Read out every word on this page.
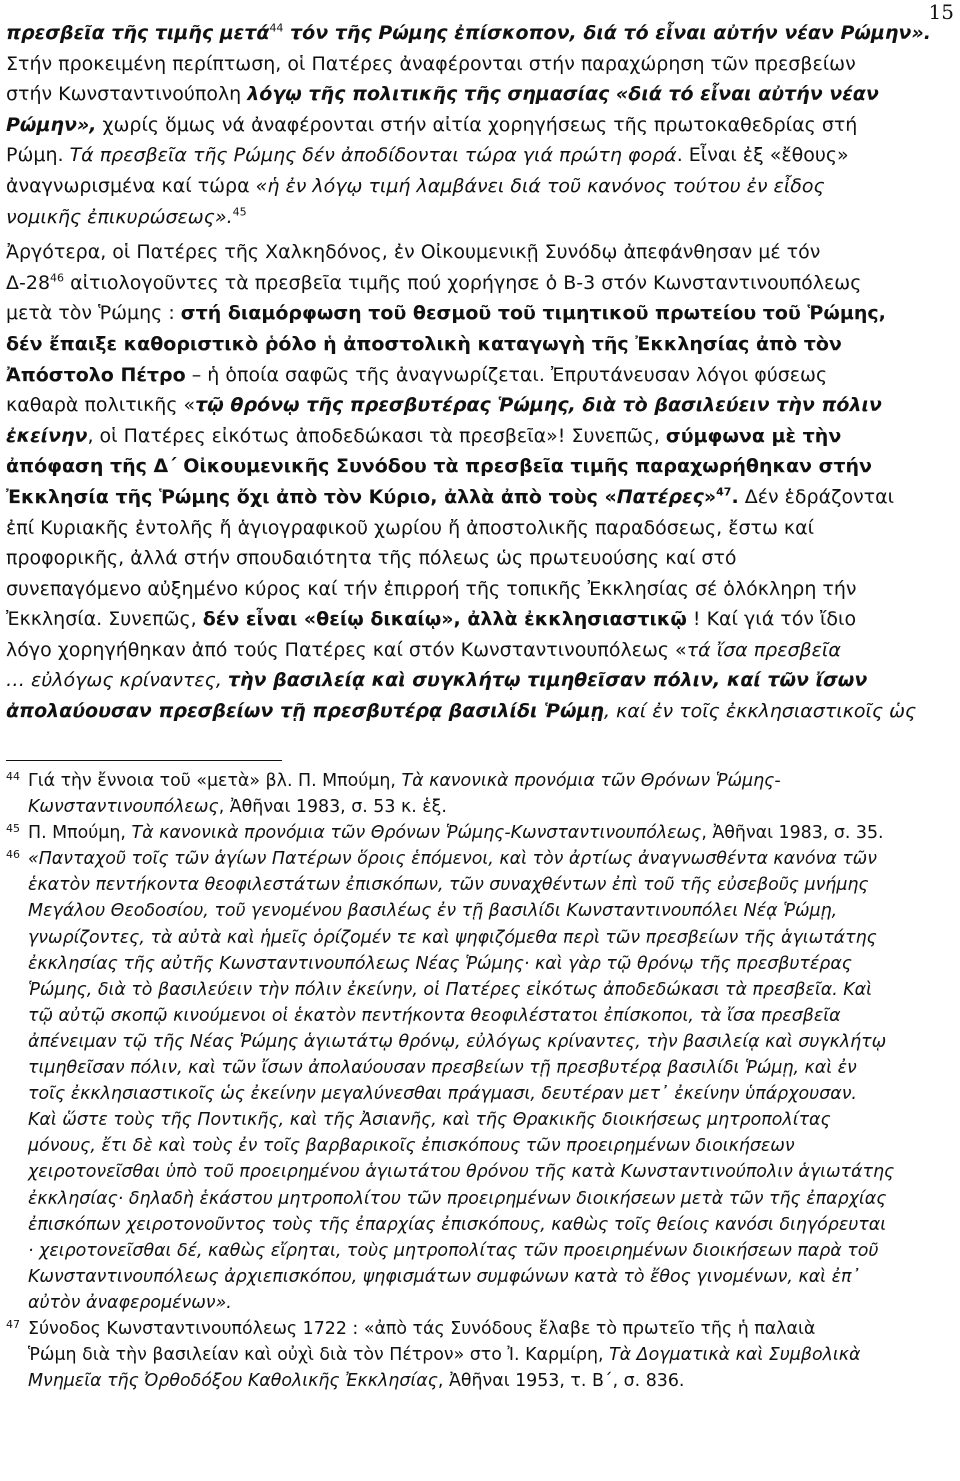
15
πρεσβεῖα τῆς τιμῆς μετά$^{44}$ τόν τῆς Ρώμης ἐπίσκοπον, διά τό εἶναι αὐτήν νέαν Ρώμην».
Στήν προκειμένη περίπτωση, οἱ Πατέρες ἀναφέρονται στήν παραχώρηση τῶν πρεσβείων
στήν Κωνσταντινούπολη λόγῳ τῆς πολιτικῆς τῆς σημασίας «διά τό εἶναι αὐτήν νέαν
Ρώμην», χωρίς ὅμως νά ἀναφέρονται στήν αἰτία χορηγήσεως τῆς πρωτοκαθεδρίας στή
Ρώμη. Τά πρεσβεῖα τῆς Ρώμης δέν ἀποδίδονται τώρα γιά πρώτη φορά. Εἶναι ἐξ «ἔθους»
ἀναγνωρισμένα καί τώρα «ἡ ἐν λόγῳ τιμή λαμβάνει διά τοῦ κανόνος τούτου ἐν εἶδος
νομικῆς ἐπικυρώσεως».$^{45}$
Ἀργότερα, οἱ Πατέρες τῆς Χαλκηδόνος, ἐν Οἰκουμενικῇ Συνόδῳ ἀπεφάνθησαν μέ τόν
$\Delta-28^{46}$ αἰτιολογοῦντες τὰ πρεσβεῖα τιμῆς πού χορήγησε ὁ Β-3 στόν Κωνσταντινουπόλεως
μετὰ τὸν Ῥώμης : στή διαμόρφωση τοῦ θεσμοῦ τοῦ τιμητικοῦ πρωτείου τοῦ Ῥώμης,
δέν ἔπαιξε καθοριστικὸ ῥόλο ἡ ἀποστολικὴ καταγωγὴ τῆς Ἐκκλησίας ἀπὸ τὸν
Ἀπόστολο Πέτρο – ἡ ὁποία σαφῶς τῆς ἀναγνωρίζεται. Ἐπρυτάνευσαν λόγοι φύσεως
καθαρὰ πολιτικῆς «τῷ θρόνῳ τῆς πρεσβυτέρας Ῥώμης, διὰ τὸ βασιλεύειν τὴν πόλιν
ἐκείνην, οἱ Πατέρες εἰκότως ἀποδεδώκασι τὰ πρεσβεῖα»! Συνεπῶς, σύμφωνα μὲ τὴν
ἀπόφαση τῆς Δ΄ Οἰκουμενικῆς Συνόδου τὰ πρεσβεῖα τιμῆς παραχωρήθηκαν στήν
Ἐκκλησία τῆς Ῥώμης ὄχι ἀπὸ τὸν Κύριο, ἀλλὰ ἀπὸ τοὺς «Πατέρες»$^{47}$. Δέν ἑδράζονται
ἐπί Κυριακῆς ἐντολῆς ἤ ἁγιογραφικοῦ χωρίου ἤ ἀποστολικῆς παραδόσεως, ἔστω καί
προφορικῆς, ἀλλά στήν σπουδαιότητα τῆς πόλεως ὡς πρωτευούσης καί στό
συνεπαγόμενο αὐξημένο κύρος καί τήν ἐπιρροή τῆς τοπικῆς Ἐκκλησίας σέ ὁλόκληρη τήν
Ἐκκλησία. Συνεπῶς, δέν εἶναι «θείῳ δικαίῳ», ἀλλὰ ἐκκλησιαστικῷ ! Καί γιά τόν ἴδιο
λόγο χορηγήθηκαν ἀπό τούς Πατέρες καί στόν Κωνσταντινουπόλεως «τά ἴσα πρεσβεῖα
… εὐλόγως κρίναντες, τὴν βασιλείᾳ καὶ συγκλήτῳ τιμηθεῖσαν πόλιν, καί τῶν ἴσων
ἀπολαύουσαν πρεσβείων τῇ πρεσβυτέρᾳ βασιλίδι Ῥώμῃ, καί ἐν τοῖς ἐκκλησιαστικοῖς ὡς
44 Γιά τὴν ἔννοια τοῦ «μετὰ» βλ. Π. Μπούμη, Τὰ κανονικὰ προνόμια τῶν Θρόνων Ῥώμης-
Κωνσταντινουπόλεως, Ἀθῆναι 1983, σ. 53 κ. ἑξ.
45 Π. Μπούμη, Τὰ κανονικὰ προνόμια τῶν Θρόνων Ῥώμης-Κωνσταντινουπόλεως, Ἀθῆναι 1983, σ. 35.
46 «Πανταχοῦ τοῖς τῶν ἁγίων Πατέρων ὅροις ἑπόμενοι, καὶ τὸν ἀρτίως ἀναγνωσθέντα κανόνα τῶν
ἑκατὸν πεντήκοντα θεοφιλεστάτων ἐπισκόπων, τῶν συναχθέντων ἐπὶ τοῦ τῆς εὐσεβοῦς μνήμης
Μεγάλου Θεοδοσίου, τοῦ γενομένου βασιλέως ἐν τῇ βασιλίδι Κωνσταντινουπόλει Νέᾳ Ῥώμῃ,
γνωρίζοντες, τὰ αὐτὰ καὶ ἡμεῖς ὁρίζομέν τε καὶ ψηφιζόμεθα περὶ τῶν πρεσβείων τῆς ἁγιωτάτης
ἐκκλησίας τῆς αὐτῆς Κωνσταντινουπόλεως Νέας Ῥώμης· καὶ γὰρ τῷ θρόνῳ τῆς πρεσβυτέρας
Ῥώμης, διὰ τὸ βασιλεύειν τὴν πόλιν ἐκείνην, οἱ Πατέρες εἰκότως ἀποδεδώκασι τὰ πρεσβεῖα. Καὶ
τῷ αὐτῷ σκοπῷ κινούμενοι οἱ ἑκατὸν πεντήκοντα θεοφιλέστατοι ἐπίσκοποι, τὰ ἴσα πρεσβεῖα
ἀπένειμαν τῷ τῆς Νέας Ῥώμης ἁγιωτάτῳ θρόνῳ, εὐλόγως κρίναντες, τὴν βασιλείᾳ καὶ συγκλήτῳ
τιμηθεῖσαν πόλιν, καὶ τῶν ἴσων ἀπολαύουσαν πρεσβείων τῇ πρεσβυτέρᾳ βασιλίδι Ῥώμῃ, καὶ ἐν
τοῖς ἐκκλησιαστικοῖς ὡς ἐκείνην μεγαλύνεσθαι πράγμασι, δευτέραν μετ᾽ ἐκείνην ὑπάρχουσαν.
Καὶ ὥστε τοὺς τῆς Ποντικῆς, καὶ τῆς Ἀσιανῆς, καὶ τῆς Θρακικῆς διοικήσεως μητροπολίτας
μόνους, ἔτι δὲ καὶ τοὺς ἐν τοῖς βαρβαρικοῖς ἐπισκόπους τῶν προειρημένων διοικήσεων
χειροτονεῖσθαι ὑπὸ τοῦ προειρημένου ἁγιωτάτου θρόνου τῆς κατὰ Κωνσταντινούπολιν ἁγιωτάτης
ἐκκλησίας· δηλαδὴ ἑκάστου μητροπολίτου τῶν προειρημένων διοικήσεων μετὰ τῶν τῆς ἐπαρχίας
ἐπισκόπων χειροτονοῦντος τοὺς τῆς ἐπαρχίας ἐπισκόπους, καθὼς τοῖς θείοις κανόσι διηγόρευται
· χειροτονεῖσθαι δέ, καθὼς εἴρηται, τοὺς μητροπολίτας τῶν προειρημένων διοικήσεων παρὰ τοῦ
Κωνσταντινουπόλεως ἀρχιεπισκόπου, ψηφισμάτων συμφώνων κατὰ τὸ ἔθος γινομένων, καὶ ἐπ᾽
αὐτὸν ἀναφερομένων».
47 Σύνοδος Κωνσταντινουπόλεως 1722 : «ἀπὸ τάς Συνόδους ἔλαβε τὸ πρωτεῖο τῆς ἡ παλαιὰ
Ῥώμη διὰ τὴν βασιλείαν καὶ οὐχὶ διὰ τὸν Πέτρον» στο Ἰ. Καρμίρη, Τὰ Δογματικὰ καὶ Συμβολικὰ
Μνημεῖα τῆς Ὀρθοδόξου Καθολικῆς Ἐκκλησίας, Ἀθῆναι 1953, τ. Β΄, σ. 836.
